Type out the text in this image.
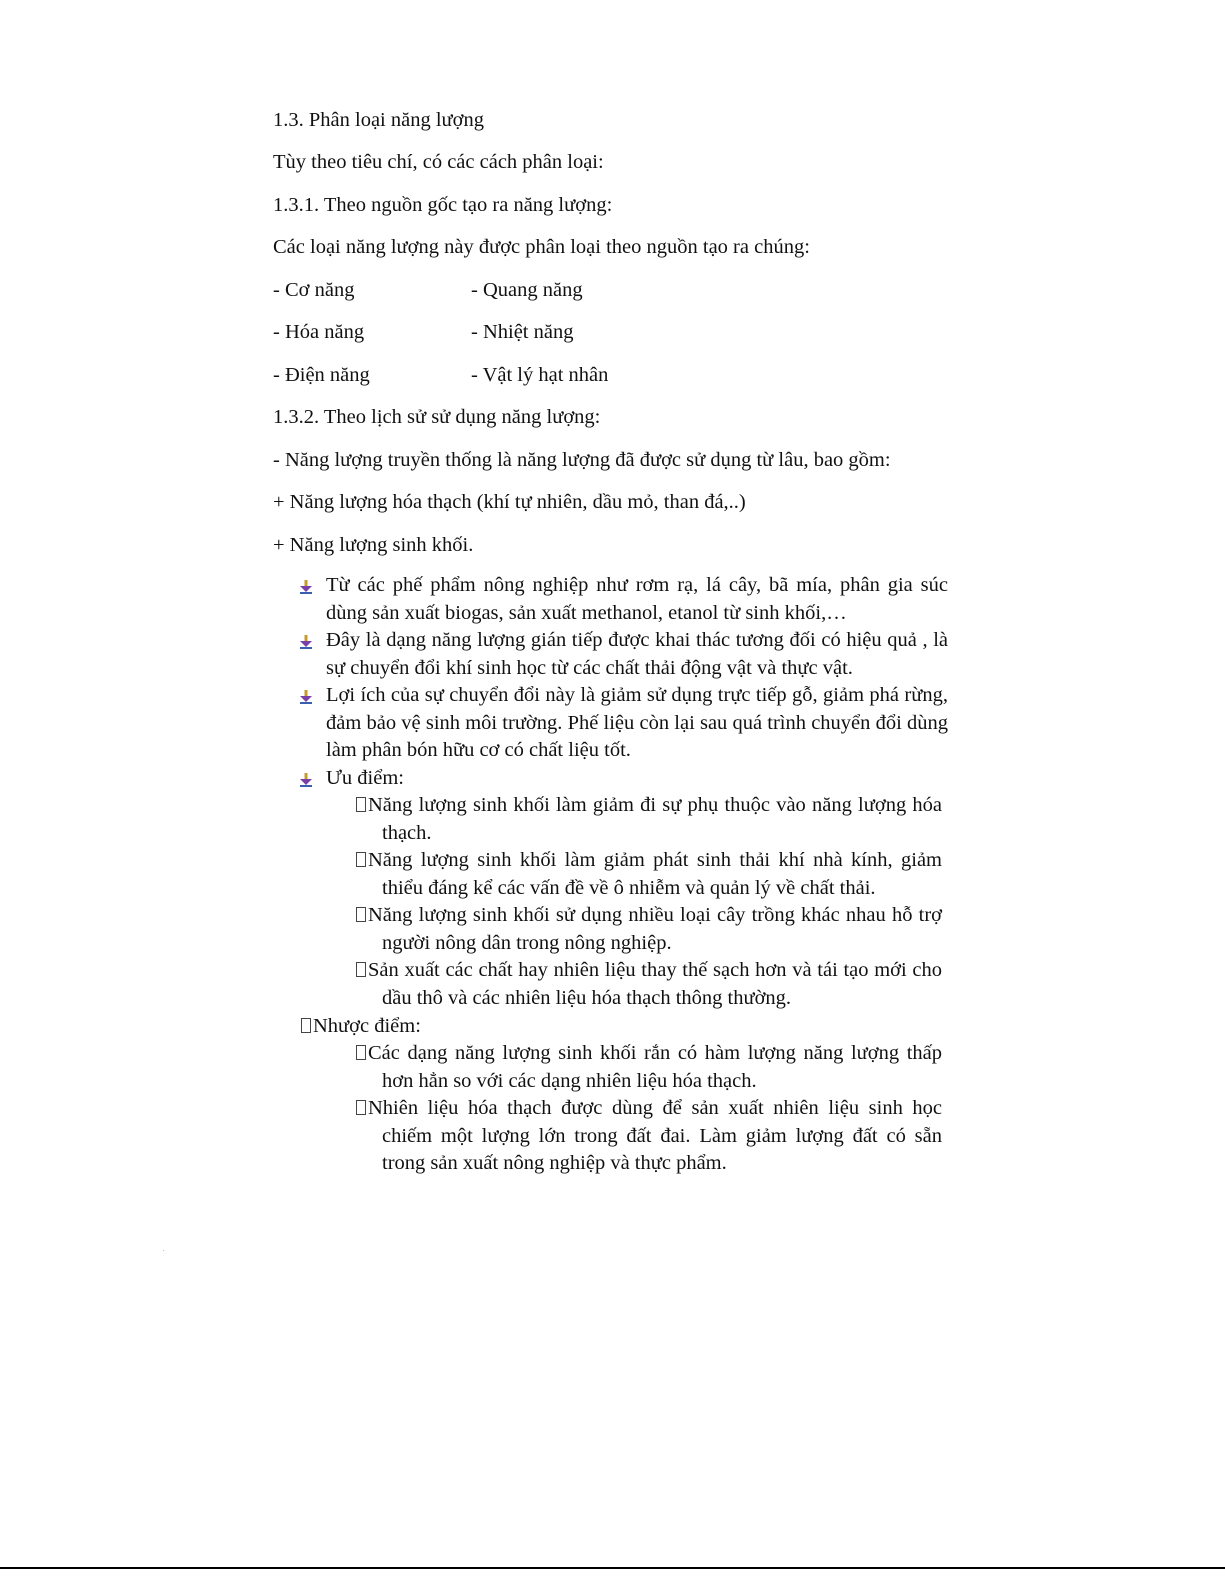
1.3. Phân loại năng lượng
Tùy theo tiêu chí, có các cách phân loại:
1.3.1. Theo nguồn gốc tạo ra năng lượng:
Các loại năng lượng này được phân loại theo nguồn tạo ra chúng:
- Cơ năng	- Quang năng
- Hóa năng	- Nhiệt năng
- Điện năng	- Vật lý hạt nhân
1.3.2. Theo lịch sử sử dụng năng lượng:
- Năng lượng truyền thống là năng lượng đã được sử dụng từ lâu, bao gồm:
+ Năng lượng hóa thạch (khí tự nhiên, dầu mỏ, than đá,..)
+ Năng lượng sinh khối.
Từ các phế phẩm nông nghiệp như rơm rạ, lá cây, bã mía, phân gia súc dùng sản xuất biogas, sản xuất methanol, etanol từ sinh khối,…
Đây là dạng năng lượng gián tiếp được khai thác tương đối có hiệu quả , là sự chuyển đổi khí sinh học từ các chất thải động vật và thực vật.
Lợi ích của sự chuyển đổi này là giảm sử dụng trực tiếp gỗ, giảm phá rừng, đảm bảo vệ sinh môi trường. Phế liệu còn lại sau quá trình chuyển đổi dùng làm phân bón hữu cơ có chất liệu tốt.
Ưu điểm:
Năng lượng sinh khối làm giảm đi sự phụ thuộc vào năng lượng hóa thạch.
Năng lượng sinh khối làm giảm phát sinh thải khí nhà kính, giảm thiểu đáng kể các vấn đề về ô nhiễm và quản lý về chất thải.
Năng lượng sinh khối sử dụng nhiều loại cây trồng khác nhau hỗ trợ người nông dân trong nông nghiệp.
Sản xuất các chất hay nhiên liệu thay thế sạch hơn và tái tạo mới cho dầu thô và các nhiên liệu hóa thạch thông thường.
Nhược điểm:
Các dạng năng lượng sinh khối rắn có hàm lượng năng lượng thấp hơn hẳn so với các dạng nhiên liệu hóa thạch.
Nhiên liệu hóa thạch được dùng để sản xuất nhiên liệu sinh học chiếm một lượng lớn trong đất đai. Làm giảm lượng đất có sẵn trong sản xuất nông nghiệp và thực phẩm.
